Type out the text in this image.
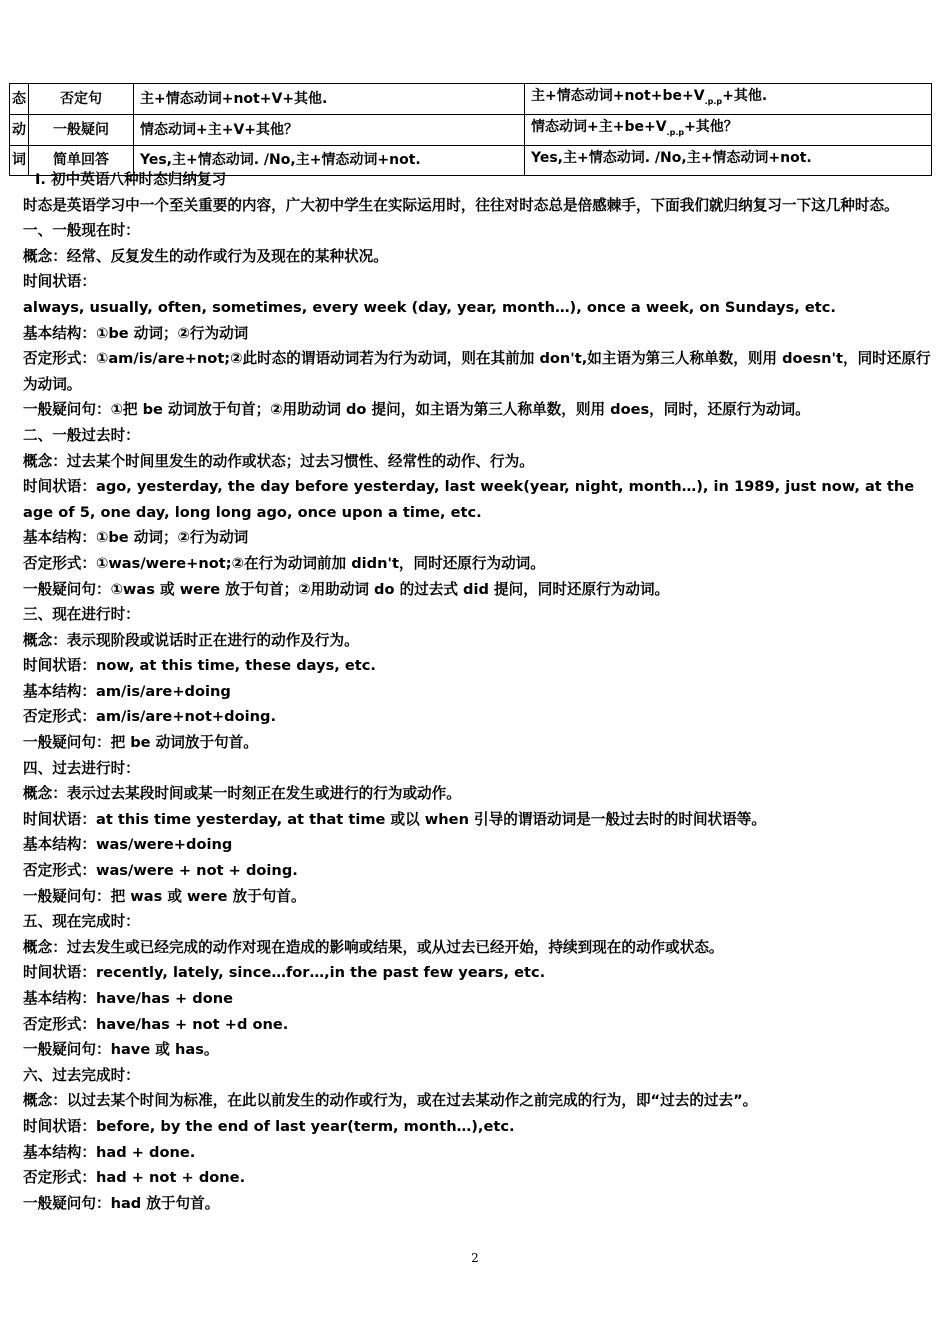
态	否定句	主+情态动词+not+V+其他.	主+情态动词$+not+be+V_{.p.p}+$其他.
动	一般疑问	情态动词+主+V+其他？	情态动词+主$+be+V_{.p.p}+$其他？
词	简单回答	Yes,主+情态动词. /No,主+情态动词+not.	Yes,主+情态动词. /No,主+情态动词+not.
Ⅰ. 初中英语八种时态归纳复习
时态是英语学习中一个至关重要的内容，广大初中学生在实际运用时，往往对时态总是倍感棘手，下面我们就归纳复习一下这几种时态。
一、一般现在时：
概念：经常、反复发生的动作或行为及现在的某种状况。
时间状语：
always, usually, often, sometimes, every week (day, year, month…), once a week, on Sundays, etc.
基本结构：①be 动词；②行为动词
否定形式：①am/is/are+not;②此时态的谓语动词若为行为动词，则在其前加 don't,如主语为第三人称单数，则用 doesn't，同时还原行为动词。
一般疑问句：①把 be 动词放于句首；②用助动词 do 提问，如主语为第三人称单数，则用 does，同时，还原行为动词。
二、一般过去时：
概念：过去某个时间里发生的动作或状态；过去习惯性、经常性的动作、行为。
时间状语：ago, yesterday, the day before yesterday, last week(year, night, month…), in 1989, just now, at the age of 5, one day, long long ago, once upon a time, etc.
基本结构：①be 动词；②行为动词
否定形式：①was/were+not;②在行为动词前加 didn't，同时还原行为动词。
一般疑问句：①was 或 were 放于句首；②用助动词 do 的过去式 did 提问，同时还原行为动词。
三、现在进行时：
概念：表示现阶段或说话时正在进行的动作及行为。
时间状语：now, at this time, these days, etc.
基本结构：am/is/are+doing
否定形式：am/is/are+not+doing.
一般疑问句：把 be 动词放于句首。
四、过去进行时：
概念：表示过去某段时间或某一时刻正在发生或进行的行为或动作。
时间状语：at this time yesterday, at that time 或以 when 引导的谓语动词是一般过去时的时间状语等。
基本结构：was/were+doing
否定形式：was/were + not + doing.
一般疑问句：把 was 或 were 放于句首。
五、现在完成时：
概念：过去发生或已经完成的动作对现在造成的影响或结果，或从过去已经开始，持续到现在的动作或状态。
时间状语：recently, lately, since…for…,in the past few years, etc.
基本结构：have/has + done
否定形式：have/has + not +d one.
一般疑问句：have 或 has。
六、过去完成时：
概念：以过去某个时间为标准，在此以前发生的动作或行为，或在过去某动作之前完成的行为，即“过去的过去”。
时间状语：before, by the end of last year(term, month…),etc.
基本结构：had + done.
否定形式：had + not + done.
一般疑问句：had 放于句首。
2
